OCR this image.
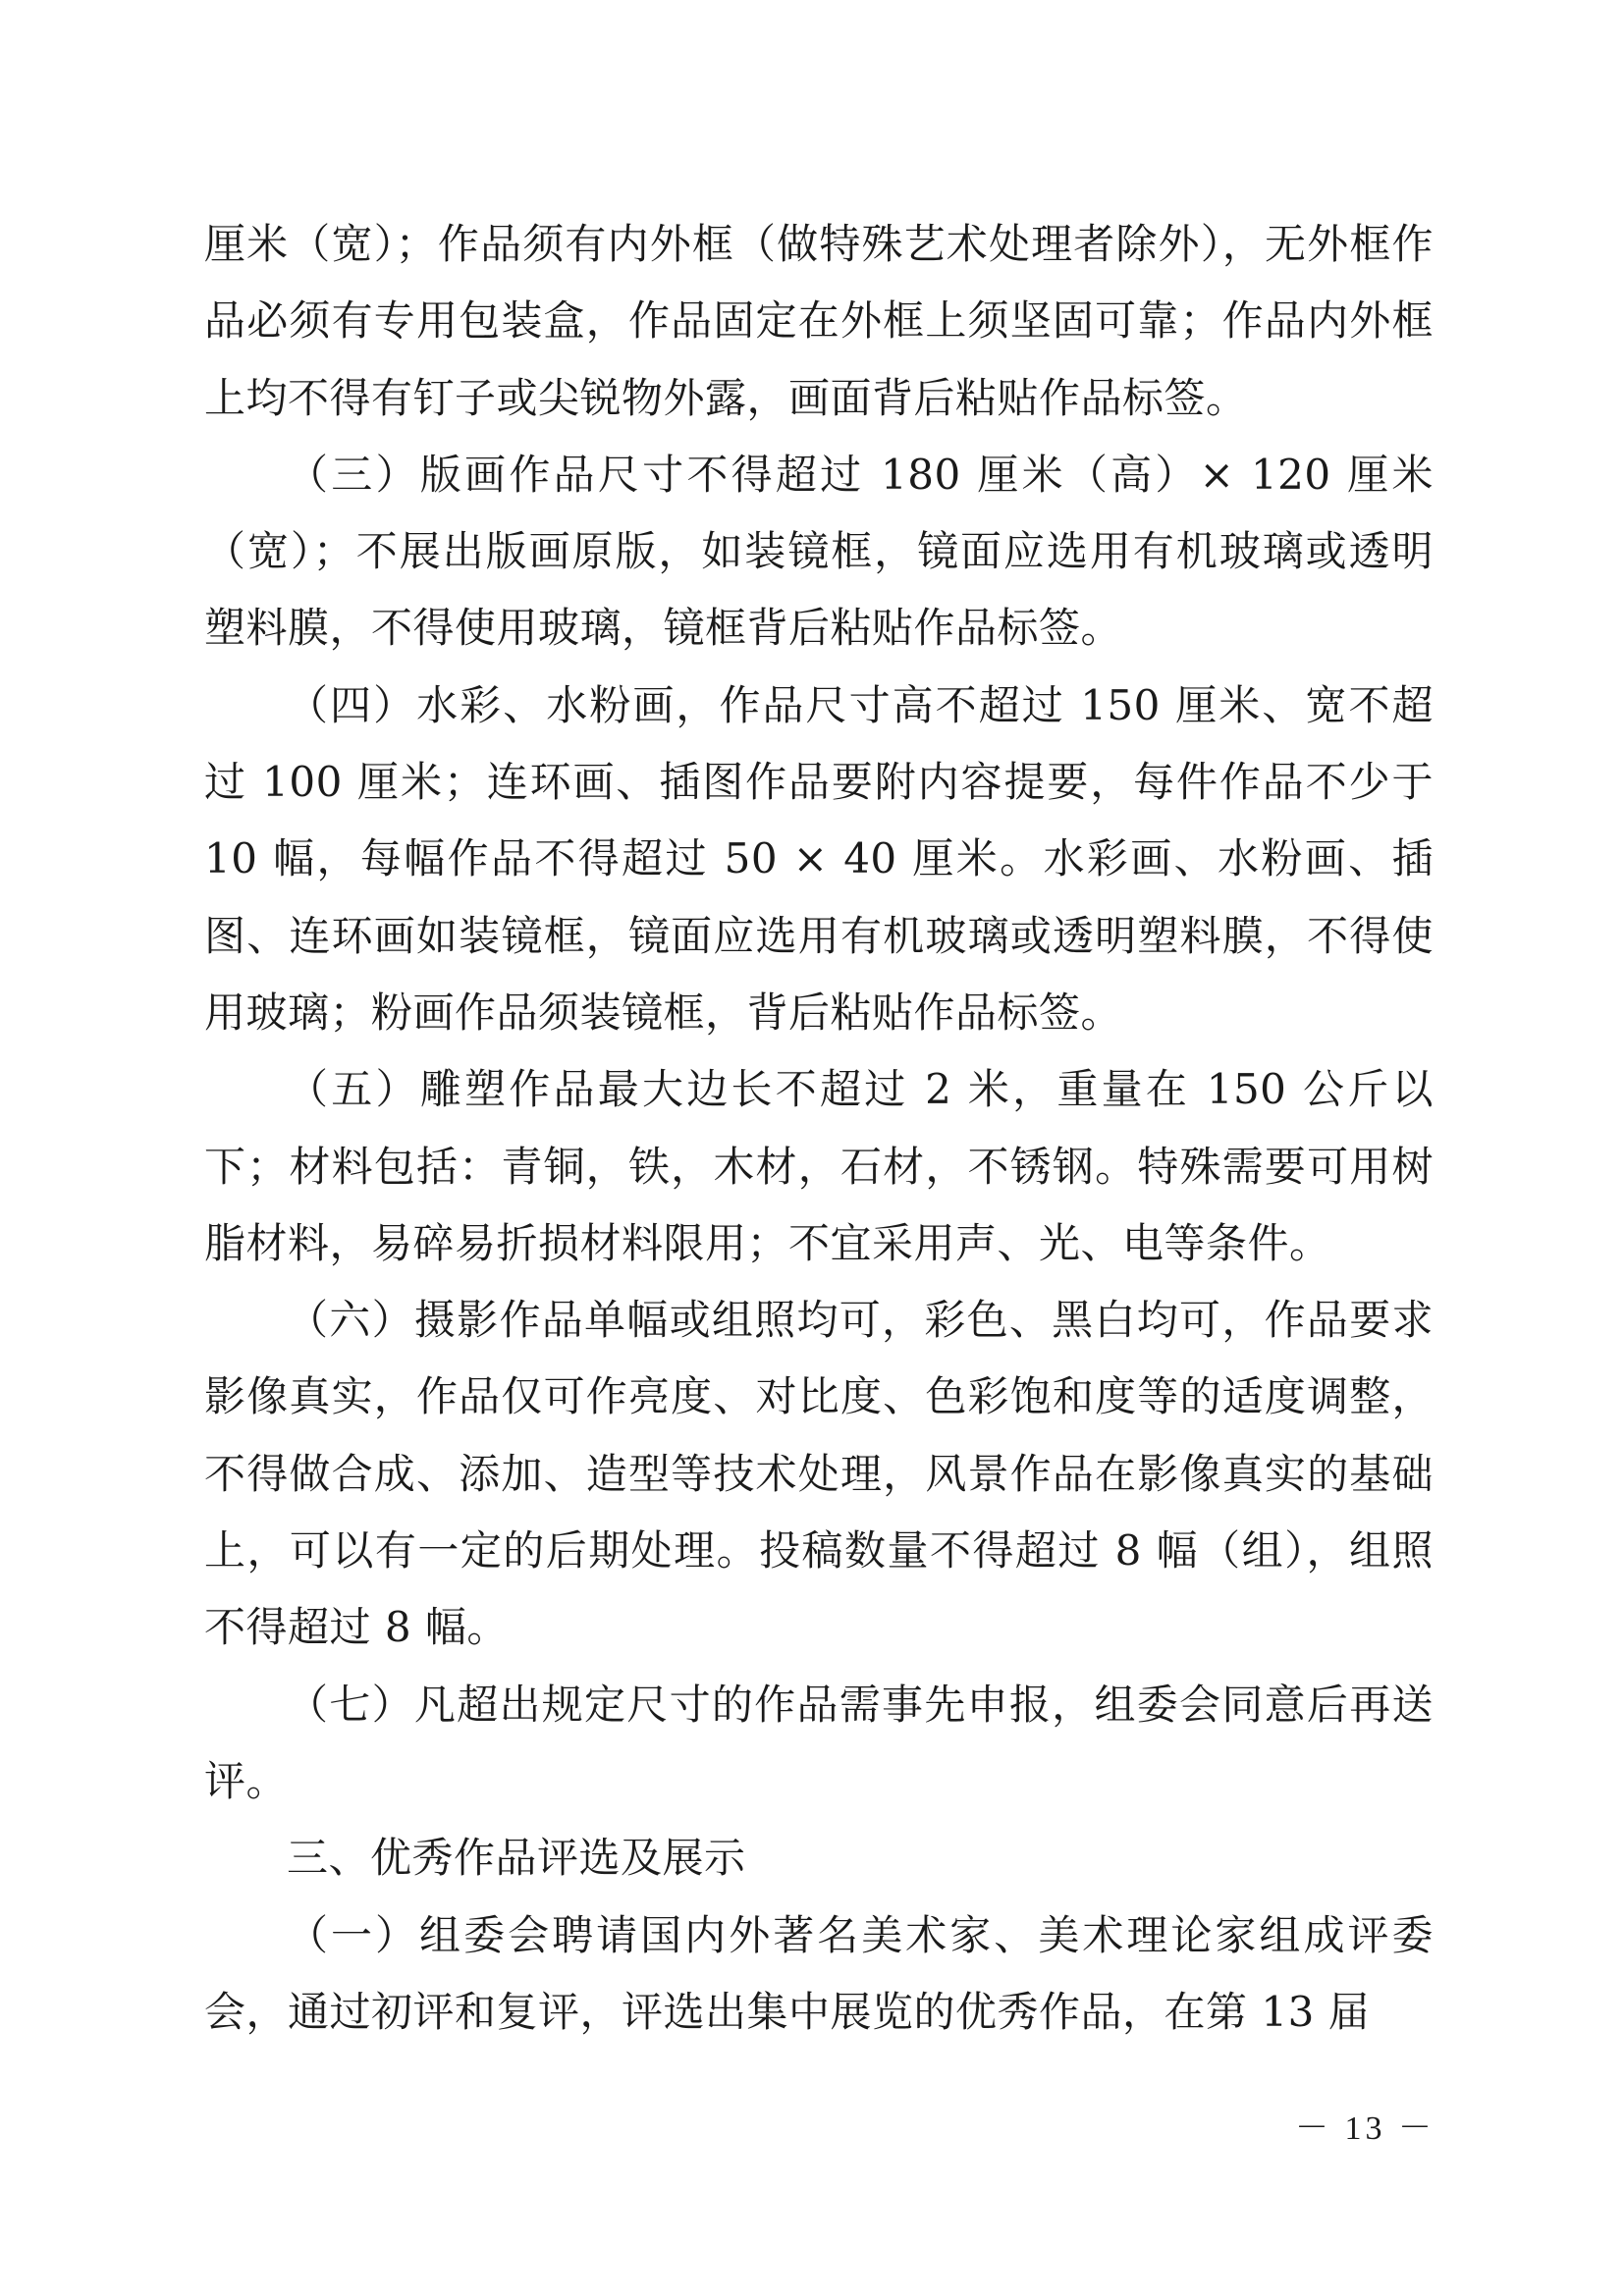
厘米（宽）；作品须有内外框（做特殊艺术处理者除外），无外框作品必须有专用包装盒，作品固定在外框上须坚固可靠；作品内外框上均不得有钉子或尖锐物外露，画面背后粘贴作品标签。

（三）版画作品尺寸不得超过 180 厘米（高）× 120 厘米（宽）；不展出版画原版，如装镜框，镜面应选用有机玻璃或透明塑料膜，不得使用玻璃，镜框背后粘贴作品标签。

（四）水彩、水粉画，作品尺寸高不超过 150 厘米、宽不超过 100 厘米；连环画、插图作品要附内容提要，每件作品不少于 10 幅，每幅作品不得超过 50 × 40 厘米。水彩画、水粉画、插图、连环画如装镜框，镜面应选用有机玻璃或透明塑料膜，不得使用玻璃；粉画作品须装镜框，背后粘贴作品标签。

（五）雕塑作品最大边长不超过 2 米，重量在 150 公斤以下；材料包括：青铜，铁，木材，石材，不锈钢。特殊需要可用树脂材料，易碎易折损材料限用；不宜采用声、光、电等条件。

（六）摄影作品单幅或组照均可，彩色、黑白均可，作品要求影像真实，作品仅可作亮度、对比度、色彩饱和度等的适度调整，不得做合成、添加、造型等技术处理，风景作品在影像真实的基础上，可以有一定的后期处理。投稿数量不得超过 8 幅（组），组照不得超过 8 幅。

（七）凡超出规定尺寸的作品需事先申报，组委会同意后再送评。

三、优秀作品评选及展示

（一）组委会聘请国内外著名美术家、美术理论家组成评委会，通过初评和复评，评选出集中展览的优秀作品，在第 13 届

－ 13 －
